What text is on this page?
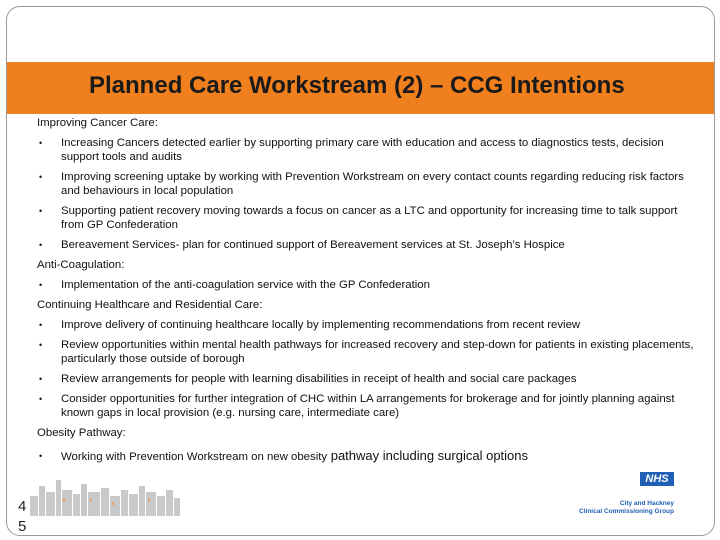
Planned Care Workstream (2) – CCG Intentions
Improving Cancer Care:
• Increasing Cancers detected earlier by supporting primary care with education and access to diagnostics tests, decision support tools and audits
• Improving screening uptake by working with Prevention Workstream on every contact counts regarding reducing risk factors and behaviours in local population
• Supporting patient recovery moving towards a focus on cancer as a LTC and opportunity for increasing time to talk support from GP Confederation
• Bereavement Services- plan for continued support of Bereavement services at St. Joseph’s Hospice
Anti-Coagulation:
• Implementation of the anti-coagulation service with the GP Confederation
Continuing Healthcare and Residential Care:
• Improve delivery of continuing healthcare locally by implementing recommendations from recent review
• Review opportunities within mental health pathways for increased recovery and step-down for patients in existing placements, particularly those outside of borough
• Review arrangements for people with learning disabilities in receipt of health and social care packages
• Consider opportunities for further integration of CHC within LA arrangements for brokerage and for jointly planning against known gaps in local provision (e.g. nursing care, intermediate care)
Obesity Pathway:
• Working with Prevention Workstream on new obesity pathway including surgical options
NHS
City and Hackney
Clinical Commissioning Group
4
5
